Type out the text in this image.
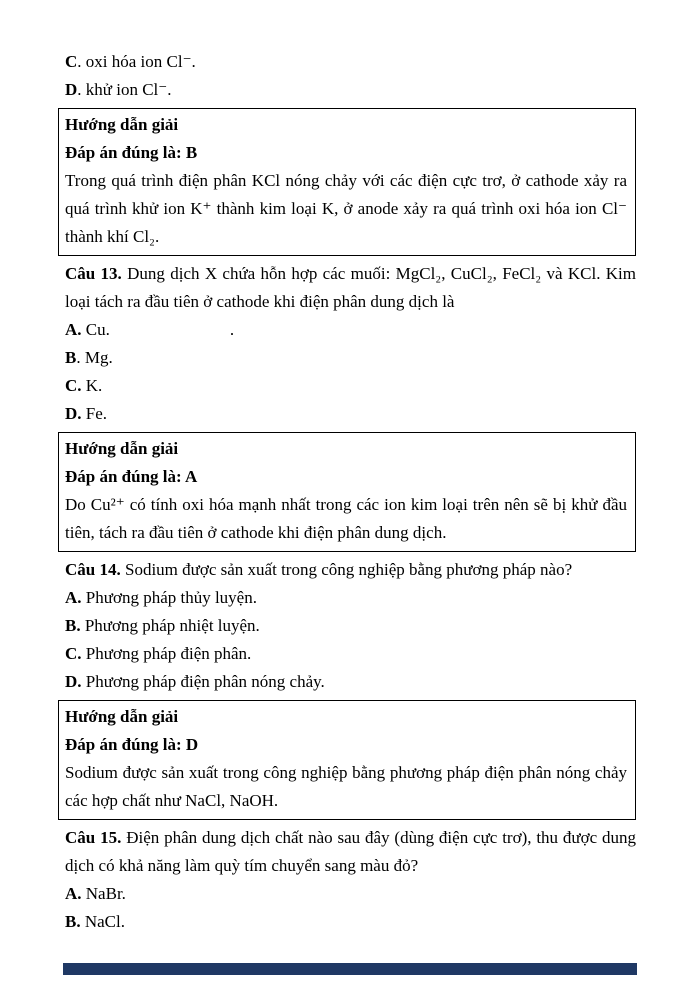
C. oxi hóa ion Cl⁻.

D. khử ion Cl⁻.

Hướng dẫn giải

Đáp án đúng là: B

Trong quá trình điện phân KCl nóng chảy với các điện cực trơ, ở cathode xảy ra quá trình khử ion K⁺ thành kim loại K, ở anode xảy ra quá trình oxi hóa ion Cl⁻ thành khí Cl₂.

Câu 13. Dung dịch X chứa hỗn hợp các muối: MgCl₂, CuCl₂, FeCl₂ và KCl. Kim loại tách ra đầu tiên ở cathode khi điện phân dung dịch là

A. Cu.	.

B. Mg.

C. K.

D. Fe.

Hướng dẫn giải

Đáp án đúng là: A

Do Cu²⁺ có tính oxi hóa mạnh nhất trong các ion kim loại trên nên sẽ bị khử đầu tiên, tách ra đầu tiên ở cathode khi điện phân dung dịch.

Câu 14. Sodium được sản xuất trong công nghiệp bằng phương pháp nào?

A. Phương pháp thủy luyện.

B. Phương pháp nhiệt luyện.

C. Phương pháp điện phân.

D. Phương pháp điện phân nóng chảy.

Hướng dẫn giải

Đáp án đúng là: D

Sodium được sản xuất trong công nghiệp bằng phương pháp điện phân nóng chảy các hợp chất như NaCl, NaOH.

Câu 15. Điện phân dung dịch chất nào sau đây (dùng điện cực trơ), thu được dung dịch có khả năng làm quỳ tím chuyển sang màu đỏ?

A. NaBr.

B. NaCl.
